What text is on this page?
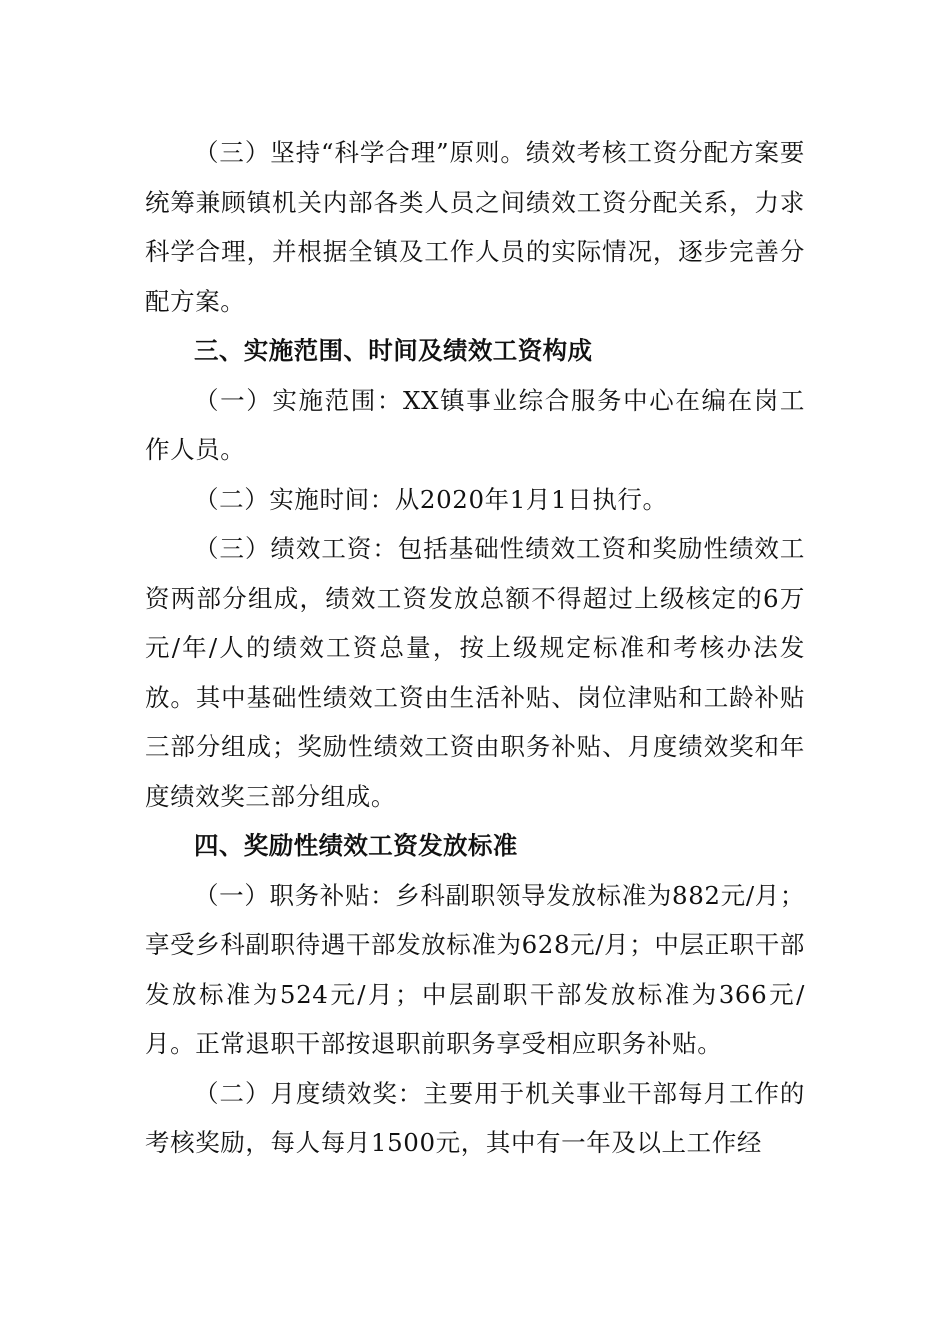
（三）坚持“科学合理”原则。绩效考核工资分配方案要统筹兼顾镇机关内部各类人员之间绩效工资分配关系，力求科学合理，并根据全镇及工作人员的实际情况，逐步完善分配方案。

三、实施范围、时间及绩效工资构成

（一）实施范围：XX镇事业综合服务中心在编在岗工作人员。

（二）实施时间：从2020年1月1日执行。

（三）绩效工资：包括基础性绩效工资和奖励性绩效工资两部分组成，绩效工资发放总额不得超过上级核定的6万元/年/人的绩效工资总量，按上级规定标准和考核办法发放。其中基础性绩效工资由生活补贴、岗位津贴和工龄补贴三部分组成；奖励性绩效工资由职务补贴、月度绩效奖和年度绩效奖三部分组成。

四、奖励性绩效工资发放标准

（一）职务补贴：乡科副职领导发放标准为882元/月；享受乡科副职待遇干部发放标准为628元/月；中层正职干部发放标准为524元/月；中层副职干部发放标准为366元/月。正常退职干部按退职前职务享受相应职务补贴。

（二）月度绩效奖：主要用于机关事业干部每月工作的考核奖励，每人每月1500元，其中有一年及以上工作经
